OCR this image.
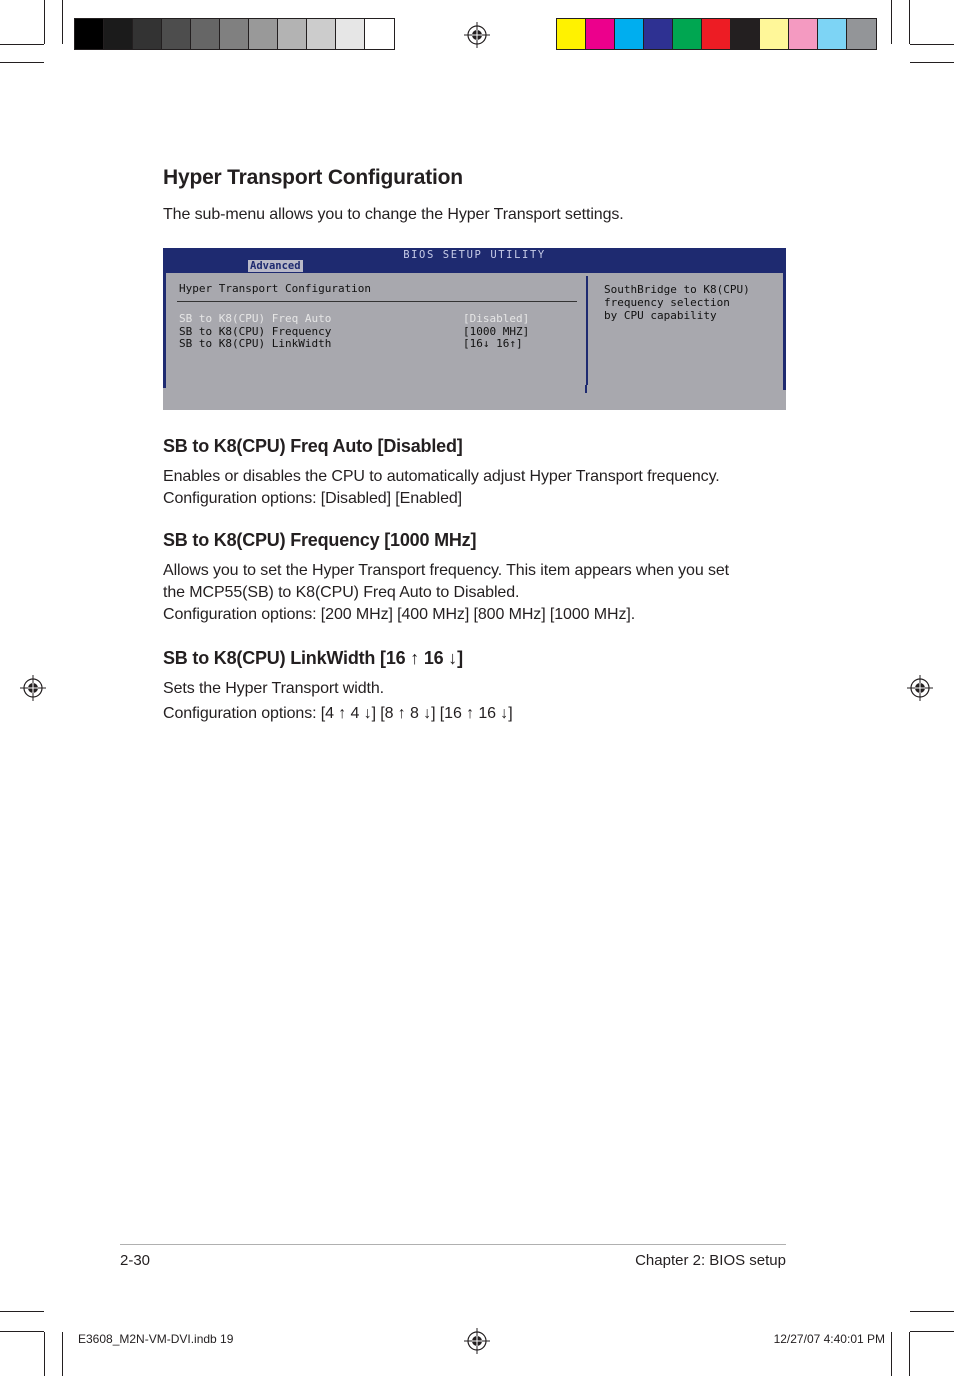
Hyper Transport Configuration
The sub-menu allows you to change the Hyper Transport settings.
BIOS SETUP UTILITY
Advanced
Hyper Transport Configuration
SB to K8(CPU) Freq Auto	[Disabled]
SB to K8(CPU) Frequency	[1000 MHZ]
SB to K8(CPU) LinkWidth	[16↓ 16↑]
SouthBridge to K8(CPU)
frequency selection
by CPU capability
SB to K8(CPU) Freq Auto [Disabled]
Enables or disables the CPU to automatically adjust Hyper Transport frequency.
Configuration options: [Disabled] [Enabled]
SB to K8(CPU) Frequency [1000 MHz]
Allows you to set the Hyper Transport frequency. This item appears when you set
the MCP55(SB) to K8(CPU) Freq Auto to Disabled.
Configuration options: [200 MHz] [400 MHz] [800 MHz] [1000 MHz].
SB to K8(CPU) LinkWidth [16 ↑ 16 ↓]
Sets the Hyper Transport width.
Configuration options: [4 ↑ 4 ↓] [8 ↑ 8 ↓] [16 ↑ 16 ↓]
2-30	Chapter 2: BIOS setup
E3608_M2N-VM-DVI.indb 19	12/27/07 4:40:01 PM
